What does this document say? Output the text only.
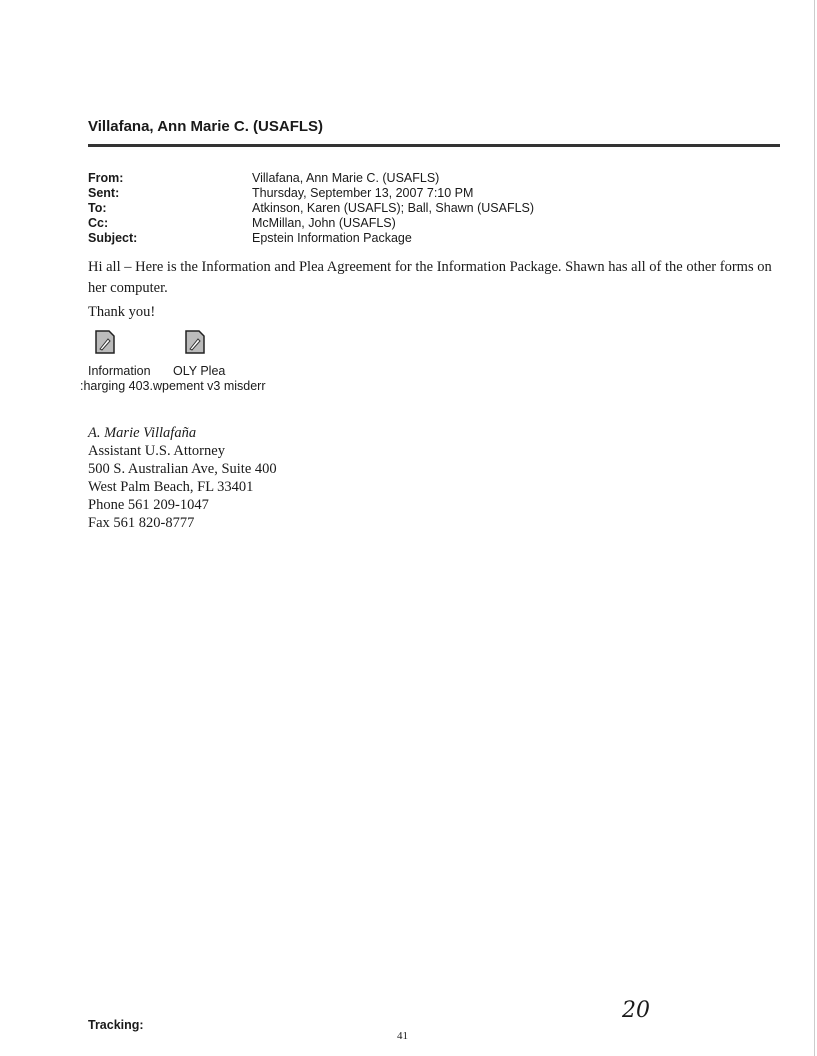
Villafana, Ann Marie C. (USAFLS)
From:	Villafana, Ann Marie C. (USAFLS)
Sent:	Thursday, September 13, 2007 7:10 PM
To:	Atkinson, Karen (USAFLS); Ball, Shawn (USAFLS)
Cc:	McMillan, John (USAFLS)
Subject:	Epstein Information Package
Hi all – Here is the Information and Plea Agreement for the Information Package. Shawn has all of the other forms on her computer.
Thank you!
Information OLY Plea
:harging 403.wpement v3 misderr
A. Marie Villafaña
Assistant U.S. Attorney
500 S. Australian Ave, Suite 400
West Palm Beach, FL 33401
Phone 561 209-1047
Fax 561 820-8777
20
Tracking:
41
